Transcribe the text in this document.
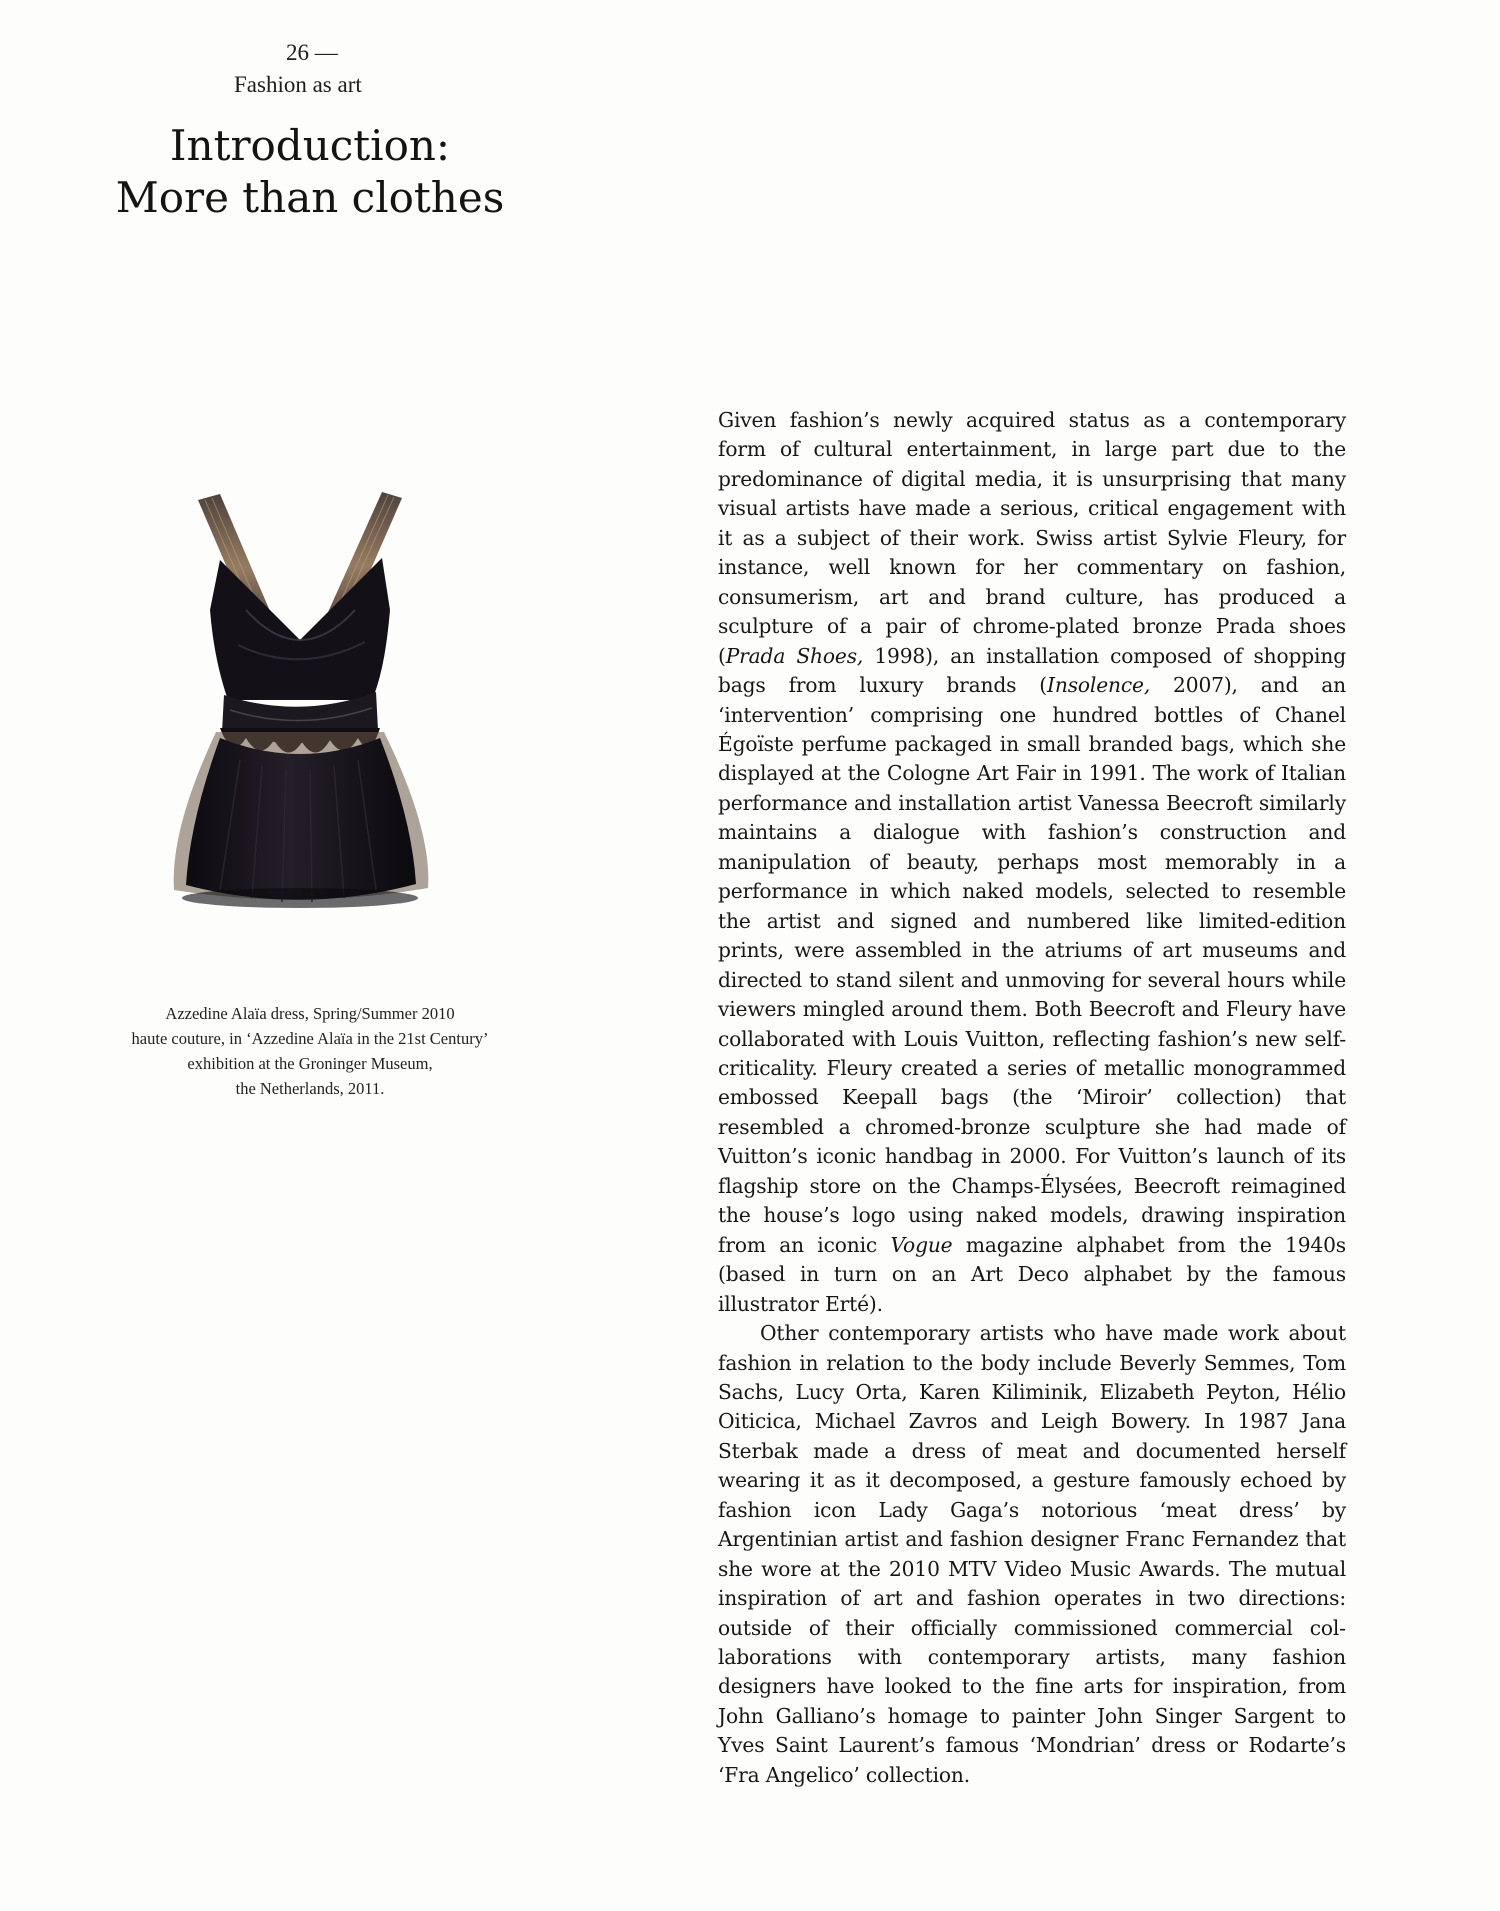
26 —
Fashion as art
Introduction:
More than clothes
Azzedine Alaïa dress, Spring/Summer 2010
haute couture, in ‘Azzedine Alaïa in the 21st Century’
exhibition at the Groninger Museum,
the Netherlands, 2011.

Given fashion’s newly acquired status as a contemporary form of cultural entertainment, in large part due to the predominance of digital media, it is unsurprising that many visual artists have made a serious, critical engagement with it as a subject of their work. Swiss artist Sylvie Fleury, for instance, well known for her commentary on fashion, consumerism, art and brand culture, has produced a sculpture of a pair of chrome-plated bronze Prada shoes (Prada Shoes, 1998), an installation composed of shopping bags from luxury brands (Insolence, 2007), and an ‘intervention’ comprising one hundred bottles of Chanel Égoïste perfume packaged in small branded bags, which she displayed at the Cologne Art Fair in 1991. The work of Italian performance and installation artist Vanessa Beecroft similarly maintains a dialogue with fashion’s construction and manipulation of beauty, perhaps most memorably in a performance in which naked models, selected to resemble the artist and signed and numbered like limited-edition prints, were assembled in the atriums of art museums and directed to stand silent and unmoving for several hours while viewers mingled around them. Both Beecroft and Fleury have collaborated with Louis Vuitton, reflecting fashion’s new self-criticality. Fleury created a series of metallic monogrammed embossed Keepall bags (the ‘Miroir’ collection) that resembled a chromed-bronze sculpture she had made of Vuitton’s iconic handbag in 2000. For Vuitton’s launch of its flagship store on the Champs-Élysées, Beecroft reimagined the house’s logo using naked models, drawing inspiration from an iconic Vogue magazine alphabet from the 1940s (based in turn on an Art Deco alphabet by the famous illustrator Erté).

Other contemporary artists who have made work about fashion in relation to the body include Beverly Semmes, Tom Sachs, Lucy Orta, Karen Kiliminik, Elizabeth Peyton, Hélio Oiticica, Michael Zavros and Leigh Bowery. In 1987 Jana Sterbak made a dress of meat and documented herself wearing it as it decomposed, a gesture famously echoed by fashion icon Lady Gaga’s notorious ‘meat dress’ by Argentinian artist and fashion designer Franc Fernandez that she wore at the 2010 MTV Video Music Awards. The mutual inspiration of art and fashion operates in two directions: outside of their officially commissioned commercial collaborations with contemporary artists, many fashion designers have looked to the fine arts for inspiration, from John Galliano’s homage to painter John Singer Sargent to Yves Saint Laurent’s famous ‘Mondrian’ dress or Rodarte’s ‘Fra Angelico’ collection.
